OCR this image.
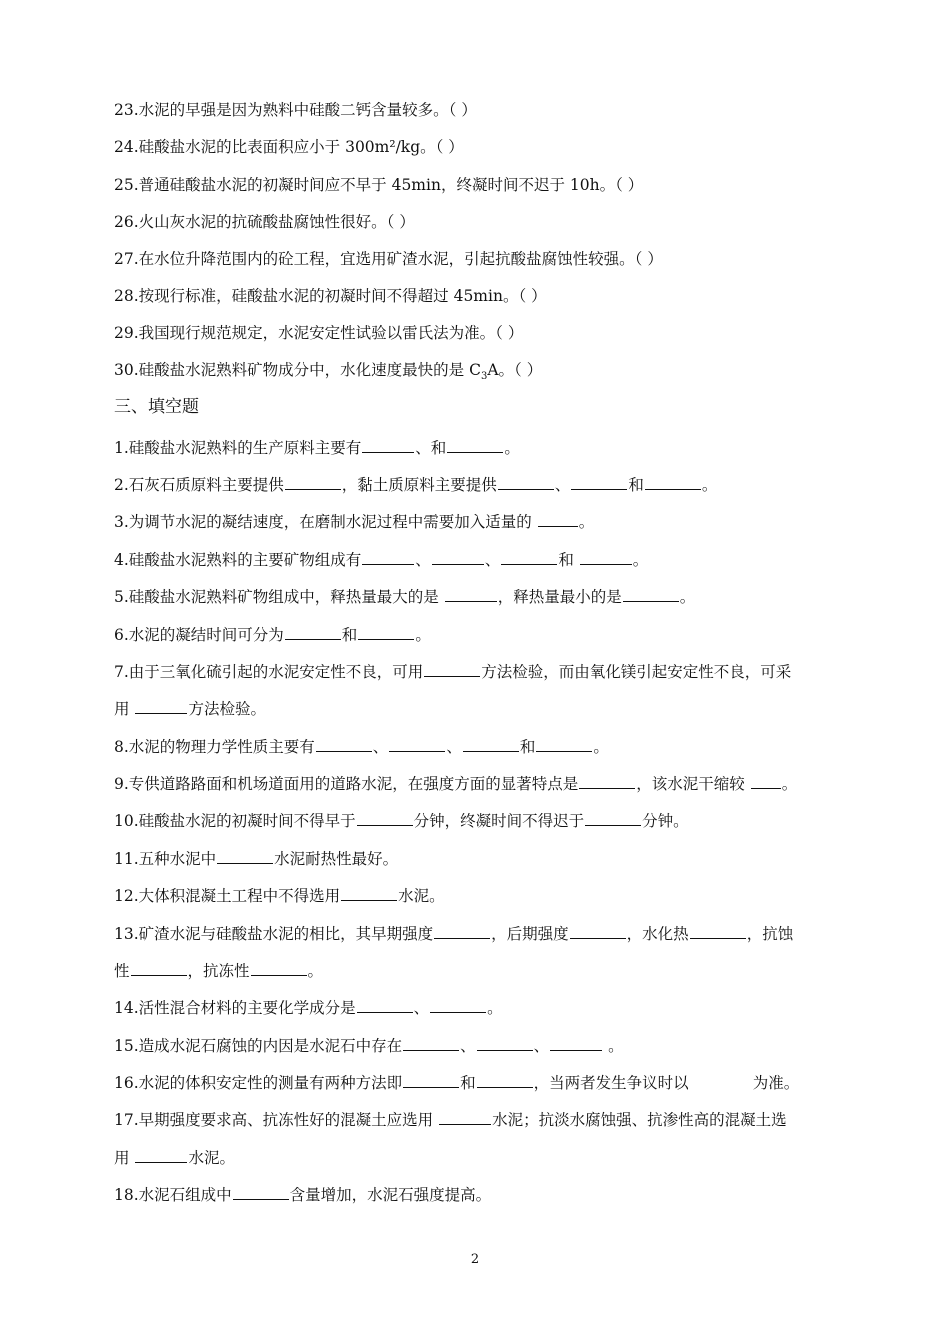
23.水泥的早强是因为熟料中硅酸二钙含量较多。（ ）
24.硅酸盐水泥的比表面积应小于 300m²/kg。（ ）
25.普通硅酸盐水泥的初凝时间应不早于 45min，终凝时间不迟于 10h。（ ）
26.火山灰水泥的抗硫酸盐腐蚀性很好。（ ）
27.在水位升降范围内的砼工程，宜选用矿渣水泥，引起抗酸盐腐蚀性较强。（ ）
28.按现行标准，硅酸盐水泥的初凝时间不得超过 45min。（ ）
29.我国现行规范规定，水泥安定性试验以雷氏法为准。（ ）
30.硅酸盐水泥熟料矿物成分中，水化速度最快的是 $C_3A$。（ ）
三、填空题
1.硅酸盐水泥熟料的生产原料主要有	、和	。
2.石灰石质原料主要提供	，黏土质原料主要提供	、	和	。
3.为调节水泥的凝结速度，在磨制水泥过程中需要加入适量的	。
4.硅酸盐水泥熟料的主要矿物组成有	、	、	和	。
5.硅酸盐水泥熟料矿物组成中，释热量最大的是	，释热量最小的是	。
6.水泥的凝结时间可分为	和	。
7.由于三氧化硫引起的水泥安定性不良，可用	方法检验，而由氧化镁引起安定性不良，可采
用	方法检验。
8.水泥的物理力学性质主要有	、	、	和	。
9.专供道路路面和机场道面用的道路水泥，在强度方面的显著特点是	，该水泥干缩较 。
10.硅酸盐水泥的初凝时间不得早于	分钟，终凝时间不得迟于	分钟。
11.五种水泥中	水泥耐热性最好。
12.大体积混凝土工程中不得选用	水泥。
13.矿渣水泥与硅酸盐水泥的相比，其早期强度	，后期强度	，水化热	，抗蚀
性	，抗冻性	。
14.活性混合材料的主要化学成分是	、	。
15.造成水泥石腐蚀的内因是水泥石中存在	、	、	。
16.水泥的体积安定性的测量有两种方法即	和	，当两者发生争议时以	为准。
17.早期强度要求高、抗冻性好的混凝土应选用	水泥；抗淡水腐蚀强、抗渗性高的混凝土选
用	水泥。
18.水泥石组成中	含量增加，水泥石强度提高。
2
